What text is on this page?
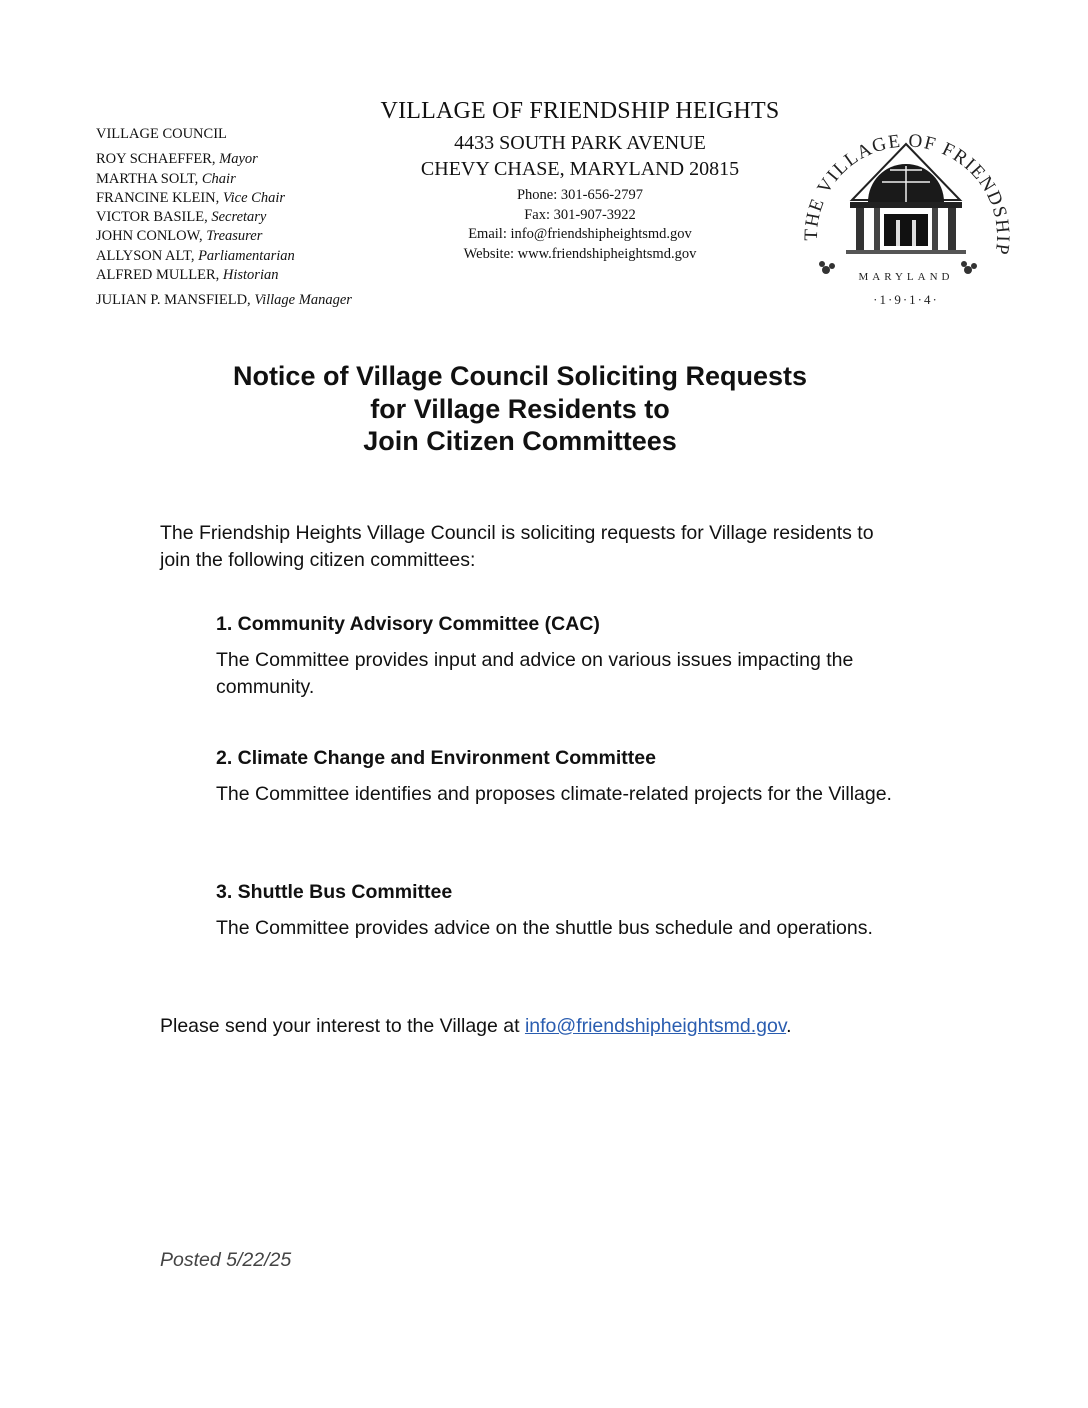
VILLAGE COUNCIL
ROY SCHAEFFER, Mayor
MARTHA SOLT, Chair
FRANCINE KLEIN, Vice Chair
VICTOR BASILE, Secretary
JOHN CONLOW, Treasurer
ALLYSON ALT, Parliamentarian
ALFRED MULLER, Historian
JULIAN P. MANSFIELD, Village Manager
VILLAGE OF FRIENDSHIP HEIGHTS
4433 SOUTH PARK AVENUE
CHEVY CHASE, MARYLAND 20815
Phone: 301-656-2797
Fax: 301-907-3922
Email: info@friendshipheightsmd.gov
Website: www.friendshipheightsmd.gov
THE VILLAGE OF FRIENDSHIP
MARYLAND
·1·9·1·4·
Notice of Village Council Soliciting Requests
for Village Residents to
Join Citizen Committees
The Friendship Heights Village Council is soliciting requests for Village residents to join the following citizen committees:
1. Community Advisory Committee (CAC)
The Committee provides input and advice on various issues impacting the community.
2. Climate Change and Environment Committee
The Committee identifies and proposes climate-related projects for the Village.
3. Shuttle Bus Committee
The Committee provides advice on the shuttle bus schedule and operations.
Please send your interest to the Village at info@friendshipheightsmd.gov.
Posted 5/22/25
